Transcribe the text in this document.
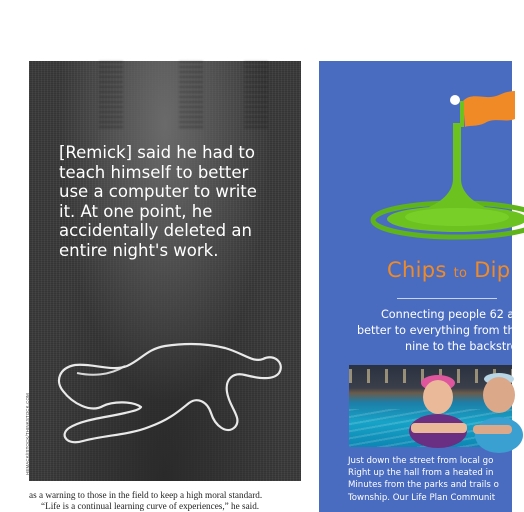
[Remick] said he had to teach himself to better use a computer to write it. At one point, he accidentally deleted an entire night's work.

HEMACK/ISTOCK/THINKSTOCK.COM

as a warning to those in the field to keep a high moral standard.

“Life is a continual learning curve of experiences,” he said.

Chips to Dip
Connecting people 62 a
better to everything from th
nine to the backstrok

Just down the street from local go

Right up the hall from a heated in

Minutes from the parks and trails o

Township. Our Life Plan Communit
